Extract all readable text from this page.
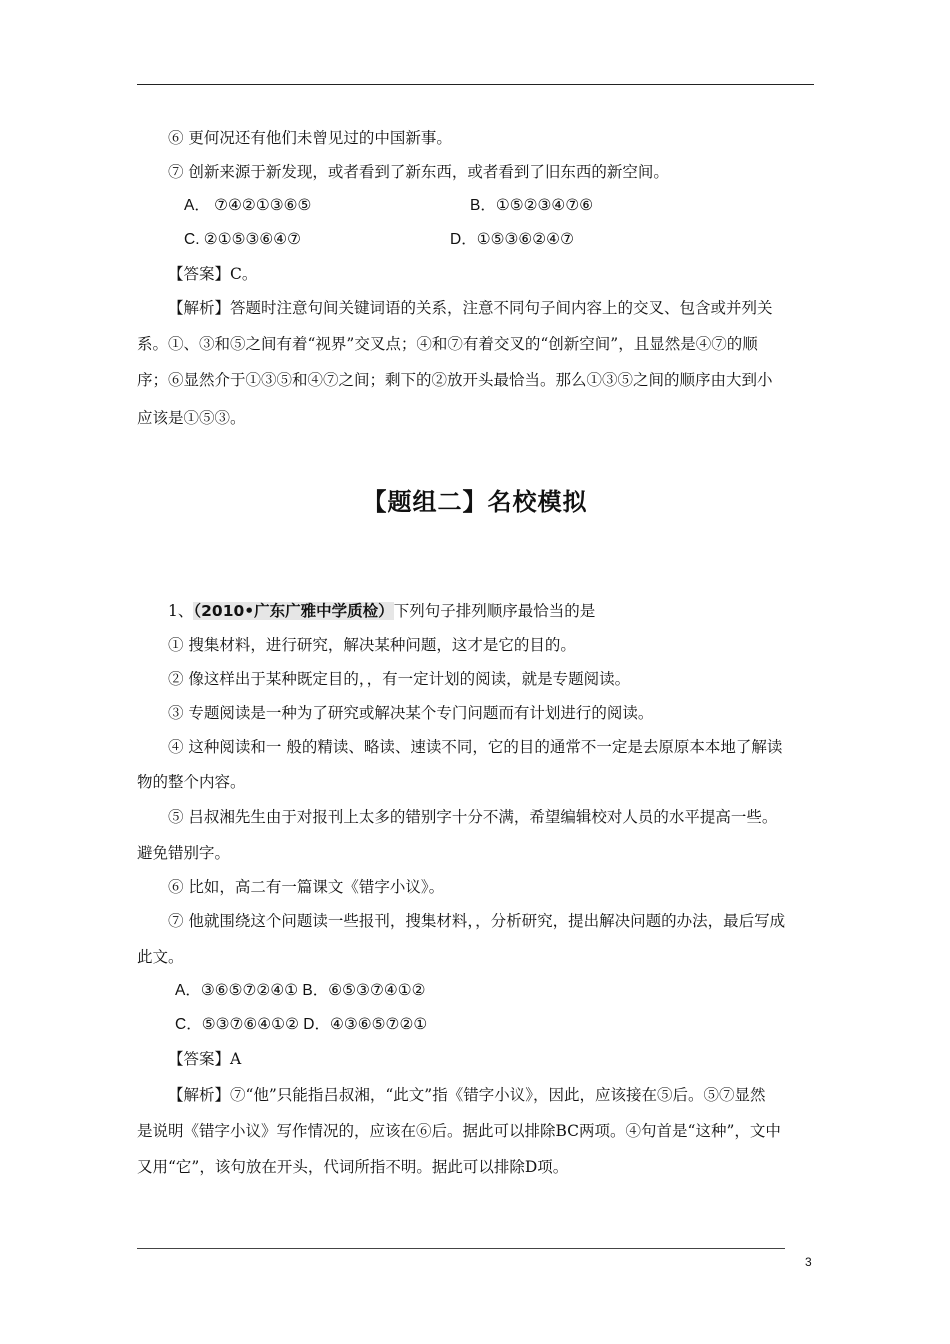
⑥ 更何况还有他们未曾见过的中国新事。
⑦ 创新来源于新发现，或者看到了新东西，或者看到了旧东西的新空间。
A． ⑦④②①③⑥⑤	B．①⑤②③④⑦⑥
C. ②①⑤③⑥④⑦	D．①⑤③⑥②④⑦
【答案】C。
【解析】答题时注意句间关键词语的关系，注意不同句子间内容上的交叉、包含或并列关
系。①、③和⑤之间有着“视界”交叉点；④和⑦有着交叉的“创新空间”，且显然是④⑦的顺
序；⑥显然介于①③⑤和④⑦之间；剩下的②放开头最恰当。那么①③⑤之间的顺序由大到小
应该是①⑤③。
【题组二】名校模拟
1、（2010•广东广雅中学质检）下列句子排列顺序最恰当的是
① 搜集材料，进行研究，解决某种问题，这才是它的目的。
② 像这样出于某种既定目的，，有一定计划的阅读，就是专题阅读。
③ 专题阅读是一种为了研究或解决某个专门问题而有计划进行的阅读。
④ 这种阅读和一 般的精读、略读、速读不同，它的目的通常不一定是去原原本本地了解读
物的整个内容。
⑤ 吕叔湘先生由于对报刊上太多的错别字十分不满，希望编辑校对人员的水平提高一些。
避免错别字。
⑥ 比如，高二有一篇课文《错字小议》。
⑦ 他就围绕这个问题读一些报刊，搜集材料，，分析研究，提出解决问题的办法，最后写成
此文。
A．③⑥⑤⑦②④① B．⑥⑤③⑦④①②
C．⑤③⑦⑥④①② D．④③⑥⑤⑦②①
【答案】A
【解析】⑦“他”只能指吕叔湘，“此文”指《错字小议》，因此，应该接在⑤后。⑤⑦显然
是说明《错字小议》写作情况的，应该在⑥后。据此可以排除BC两项。④句首是“这种”，文中
又用“它”，该句放在开头，代词所指不明。据此可以排除D项。
3
